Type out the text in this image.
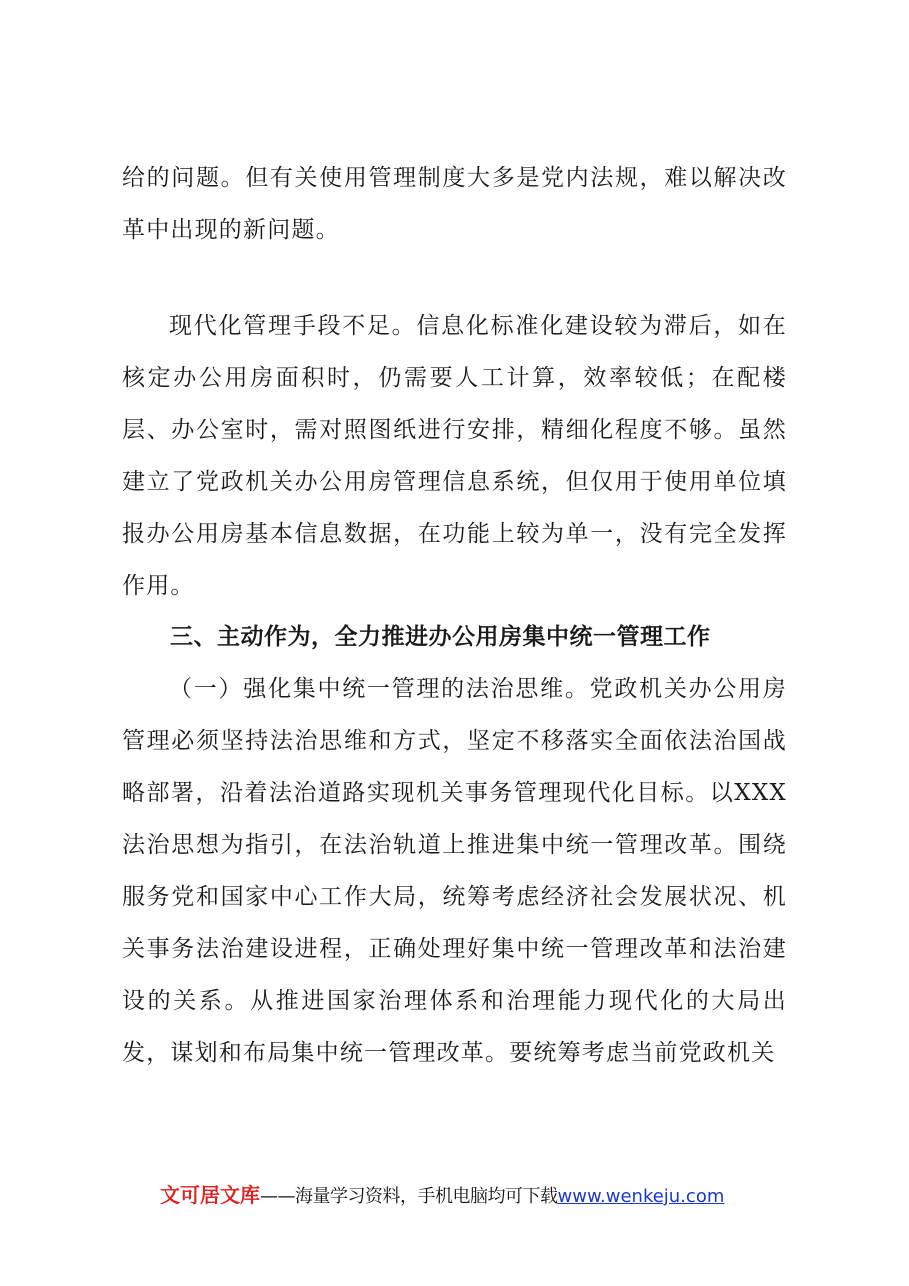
给的问题。但有关使用管理制度大多是党内法规，难以解决改革中出现的新问题。

现代化管理手段不足。信息化标准化建设较为滞后，如在核定办公用房面积时，仍需要人工计算，效率较低；在配楼层、办公室时，需对照图纸进行安排，精细化程度不够。虽然建立了党政机关办公用房管理信息系统，但仅用于使用单位填报办公用房基本信息数据，在功能上较为单一，没有完全发挥作用。

三、主动作为，全力推进办公用房集中统一管理工作

（一）强化集中统一管理的法治思维。党政机关办公用房管理必须坚持法治思维和方式，坚定不移落实全面依法治国战略部署，沿着法治道路实现机关事务管理现代化目标。以XXX法治思想为指引，在法治轨道上推进集中统一管理改革。围绕服务党和国家中心工作大局，统筹考虑经济社会发展状况、机关事务法治建设进程，正确处理好集中统一管理改革和法治建设的关系。从推进国家治理体系和治理能力现代化的大局出发，谋划和布局集中统一管理改革。要统筹考虑当前党政机关

文可居文库——海量学习资料，手机电脑均可下载www.wenkeju.com
